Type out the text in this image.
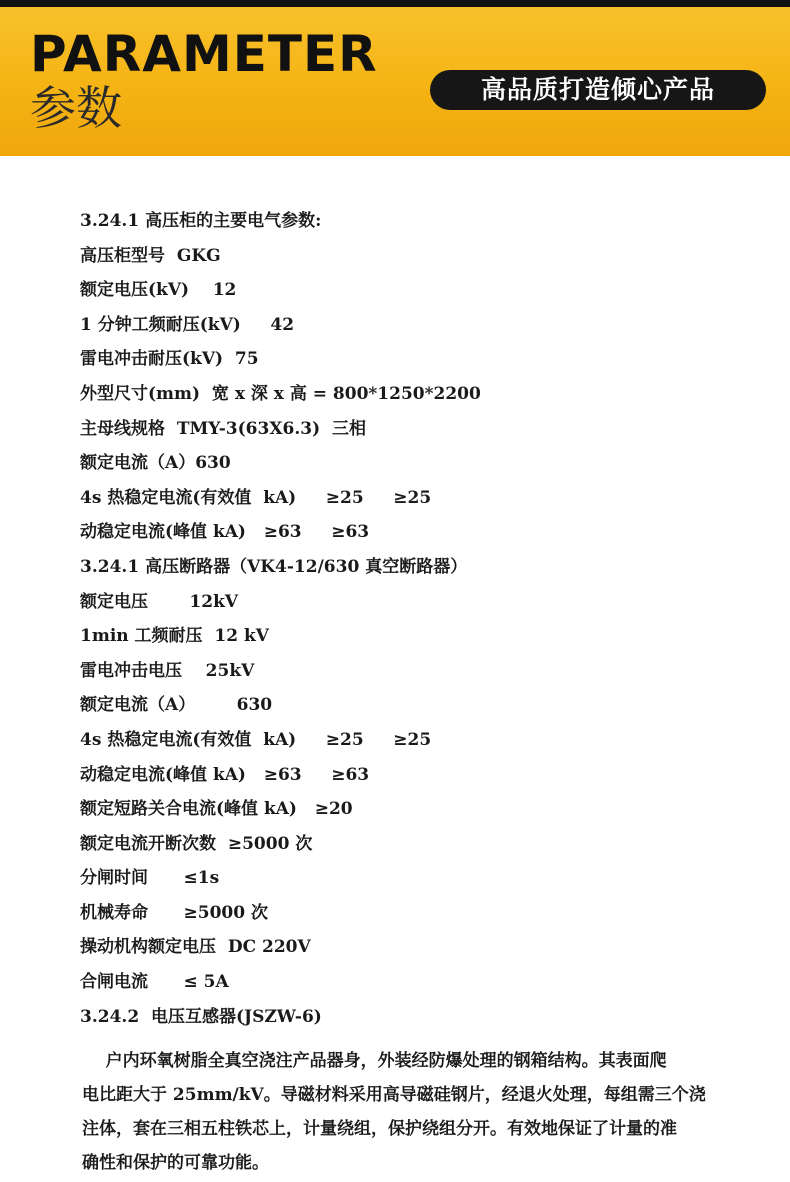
PARAMETER
参数	高品质打造倾心产品
3.24.1 高压柜的主要电气参数:
高压柜型号  GKG
额定电压(kV)    12
1 分钟工频耐压(kV)     42
雷电冲击耐压(kV)  75
外型尺寸(mm)  宽 x 深 x 高 = 800*1250*2200
主母线规格  TMY-3(63X6.3)  三相
额定电流（A）630
4s 热稳定电流(有效值  kA)     ≥25     ≥25
动稳定电流(峰值 kA)   ≥63     ≥63
3.24.1 高压断路器（VK4-12/630 真空断路器）
额定电压       12kV
1min 工频耐压  12 kV
雷电冲击电压    25kV
额定电流（A）       630
4s 热稳定电流(有效值  kA)     ≥25     ≥25
动稳定电流(峰值 kA)   ≥63     ≥63
额定短路关合电流(峰值 kA)   ≥20
额定电流开断次数  ≥5000 次
分闸时间      ≤1s
机械寿命      ≥5000 次
操动机构额定电压  DC 220V
合闸电流      ≤ 5A
3.24.2  电压互感器(JSZW-6)
户内环氧树脂全真空浇注产品器身，外装经防爆处理的钢箱结构。其表面爬
电比距大于 25mm/kV。导磁材料采用高导磁硅钢片，经退火处理，每组需三个浇
注体，套在三相五柱铁芯上，计量绕组，保护绕组分开。有效地保证了计量的准
确性和保护的可靠功能。
